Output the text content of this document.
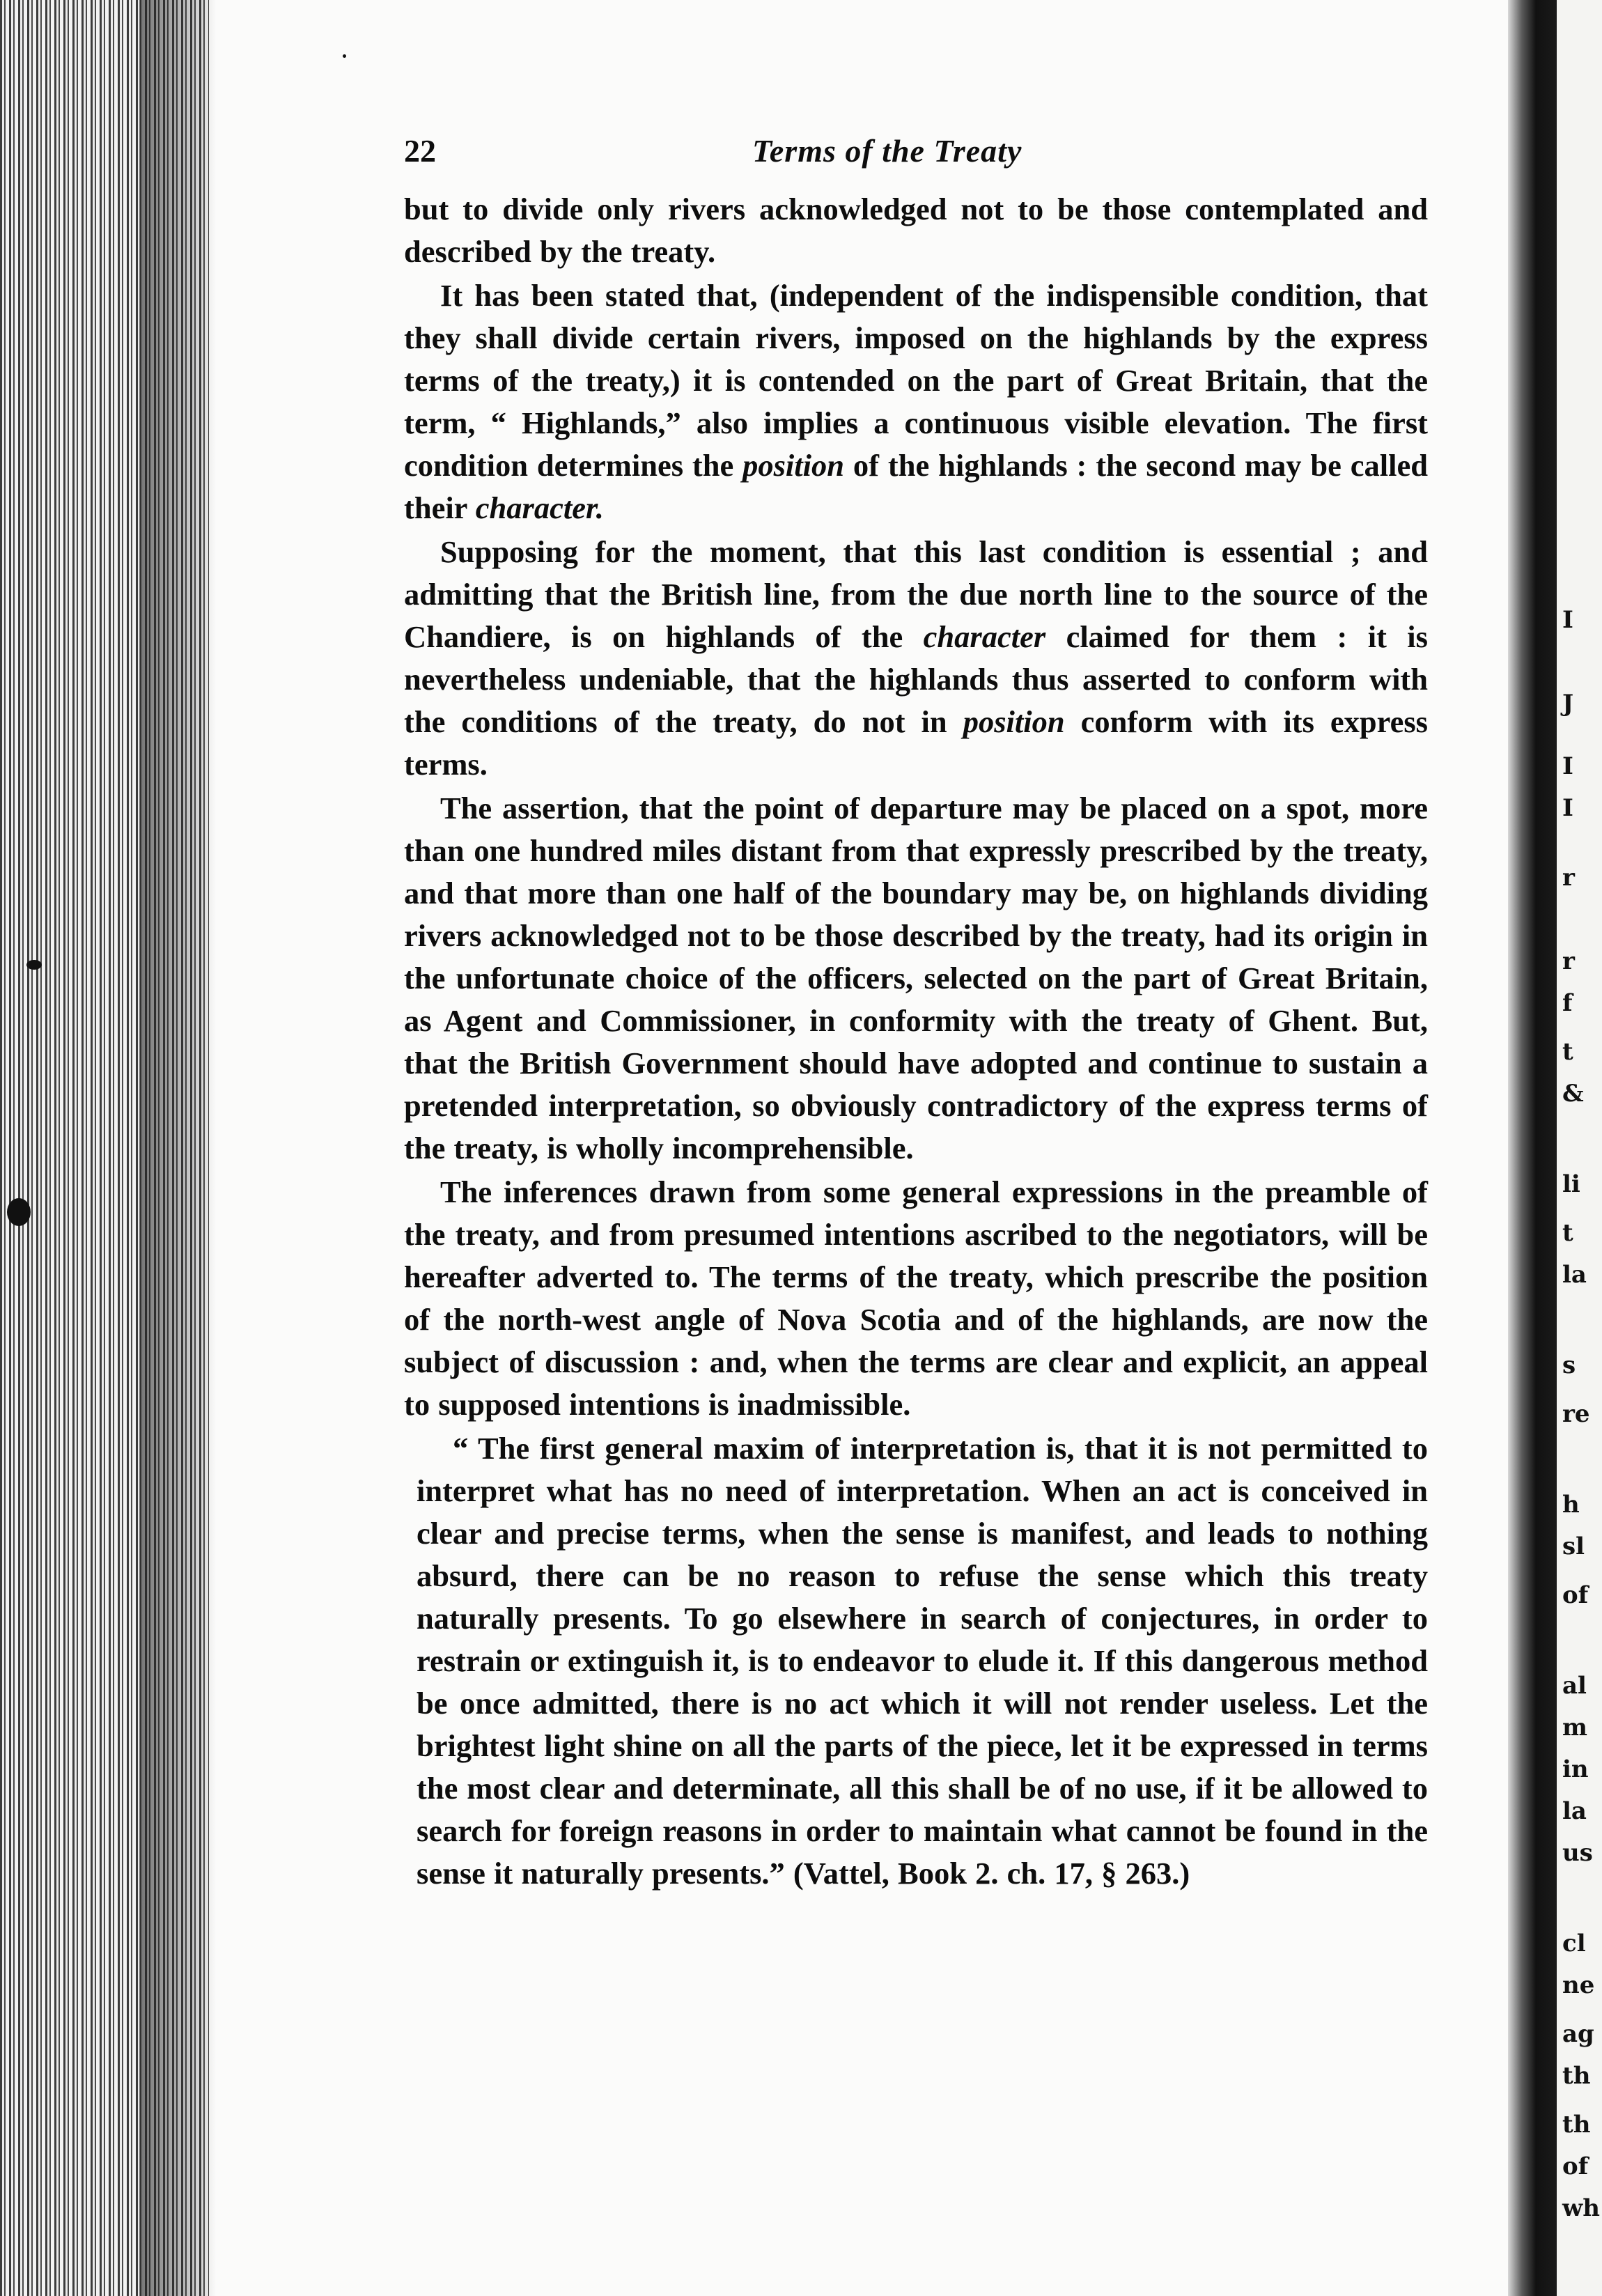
22	Terms of the Treaty

but to divide only rivers acknowledged not to be those contemplated and described by the treaty.

It has been stated that, (independent of the indispensible condition, that they shall divide certain rivers, imposed on the highlands by the express terms of the treaty,) it is contended on the part of Great Britain, that the term, “ Highlands,” also implies a continuous visible elevation. The first condition determines the position of the highlands : the second may be called their character.

Supposing for the moment, that this last condition is essential ; and admitting that the British line, from the due north line to the source of the Chandiere, is on highlands of the character claimed for them : it is nevertheless undeniable, that the highlands thus asserted to conform with the conditions of the treaty, do not in position conform with its express terms.

The assertion, that the point of departure may be placed on a spot, more than one hundred miles distant from that expressly prescribed by the treaty, and that more than one half of the boundary may be, on highlands dividing rivers acknowledged not to be those described by the treaty, had its origin in the unfortunate choice of the officers, selected on the part of Great Britain, as Agent and Commissioner, in conformity with the treaty of Ghent. But, that the British Government should have adopted and continue to sustain a pretended interpretation, so obviously contradictory of the express terms of the treaty, is wholly incomprehensible.

The inferences drawn from some general expressions in the preamble of the treaty, and from presumed intentions ascribed to the negotiators, will be hereafter adverted to. The terms of the treaty, which prescribe the position of the north-west angle of Nova Scotia and of the highlands, are now the subject of discussion : and, when the terms are clear and explicit, an appeal to supposed intentions is inadmissible.

“ The first general maxim of interpretation is, that it is not permitted to interpret what has no need of interpretation. When an act is conceived in clear and precise terms, when the sense is manifest, and leads to nothing absurd, there can be no reason to refuse the sense which this treaty naturally presents. To go elsewhere in search of conjectures, in order to restrain or extinguish it, is to endeavor to elude it. If this dangerous method be once admitted, there is no act which it will not render useless. Let the brightest light shine on all the parts of the piece, let it be expressed in terms the most clear and determinate, all this shall be of no use, if it be allowed to search for foreign reasons in order to maintain what cannot be found in the sense it naturally presents.” (Vattel, Book 2. ch. 17, § 263.)

I
J
I
I
r
r
f
t
&
li
t
la
s
re
h
sl
of
al
m
in
la
us
cl
ne
ag
th
th
of
wh
